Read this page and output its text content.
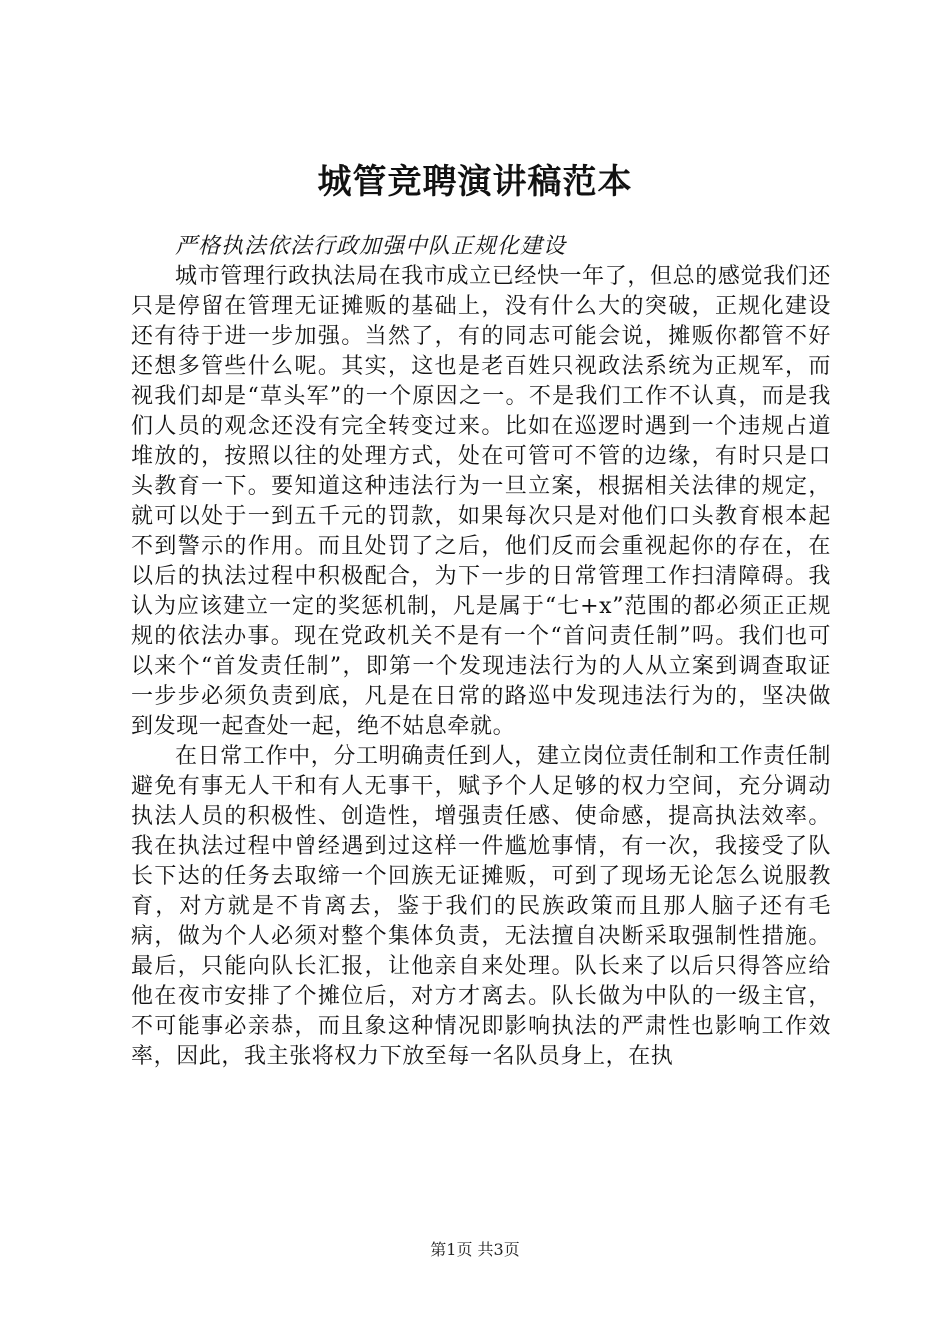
城管竞聘演讲稿范本

严格执法依法行政加强中队正规化建设

城市管理行政执法局在我市成立已经快一年了，但总的感觉我们还只是停留在管理无证摊贩的基础上，没有什么大的突破，正规化建设还有待于进一步加强。当然了，有的同志可能会说，摊贩你都管不好还想多管些什么呢。其实，这也是老百姓只视政法系统为正规军，而视我们却是“草头军”的一个原因之一。不是我们工作不认真，而是我们人员的观念还没有完全转变过来。比如在巡逻时遇到一个违规占道堆放的，按照以往的处理方式，处在可管可不管的边缘，有时只是口头教育一下。要知道这种违法行为一旦立案，根据相关法律的规定，就可以处于一到五千元的罚款，如果每次只是对他们口头教育根本起不到警示的作用。而且处罚了之后，他们反而会重视起你的存在，在以后的执法过程中积极配合，为下一步的日常管理工作扫清障碍。我认为应该建立一定的奖惩机制，凡是属于“七+x”范围的都必须正正规规的依法办事。现在党政机关不是有一个“首问责任制”吗。我们也可以来个“首发责任制”，即第一个发现违法行为的人从立案到调查取证一步步必须负责到底，凡是在日常的路巡中发现违法行为的，坚决做到发现一起查处一起，绝不姑息牵就。

在日常工作中，分工明确责任到人，建立岗位责任制和工作责任制避免有事无人干和有人无事干，赋予个人足够的权力空间，充分调动执法人员的积极性、创造性，增强责任感、使命感，提高执法效率。我在执法过程中曾经遇到过这样一件尴尬事情，有一次，我接受了队长下达的任务去取缔一个回族无证摊贩，可到了现场无论怎么说服教育，对方就是不肯离去，鉴于我们的民族政策而且那人脑子还有毛病，做为个人必须对整个集体负责，无法擅自决断采取强制性措施。最后，只能向队长汇报，让他亲自来处理。队长来了以后只得答应给他在夜市安排了个摊位后，对方才离去。队长做为中队的一级主官，不可能事必亲恭，而且象这种情况即影响执法的严肃性也影响工作效率，因此，我主张将权力下放至每一名队员身上，在执

第1页 共3页
